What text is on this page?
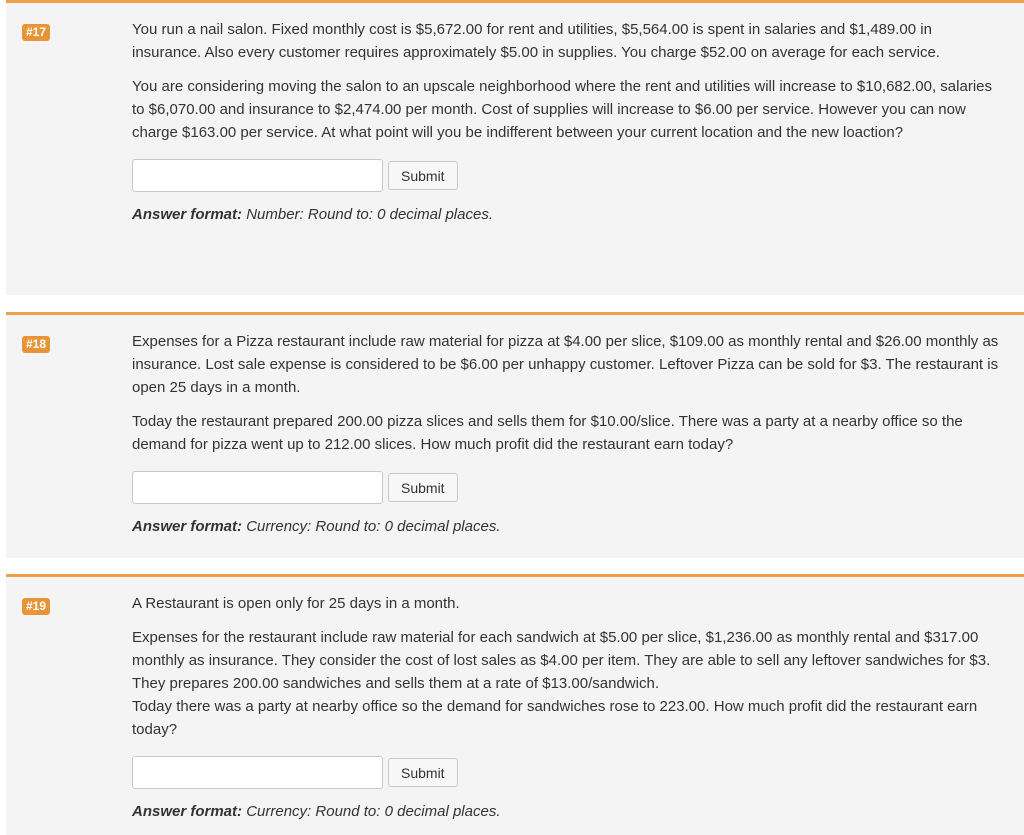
#17	You run a nail salon. Fixed monthly cost is $5,672.00 for rent and utilities, $5,564.00 is spent in salaries and $1,489.00 in insurance. Also every customer requires approximately $5.00 in supplies. You charge $52.00 on average for each service.

You are considering moving the salon to an upscale neighborhood where the rent and utilities will increase to $10,682.00, salaries to $6,070.00 and insurance to $2,474.00 per month. Cost of supplies will increase to $6.00 per service. However you can now charge $163.00 per service. At what point will you be indifferent between your current location and the new loaction?

Submit
Answer format: Number: Round to: 0 decimal places.
#18	Expenses for a Pizza restaurant include raw material for pizza at $4.00 per slice, $109.00 as monthly rental and $26.00 monthly as insurance. Lost sale expense is considered to be $6.00 per unhappy customer. Leftover Pizza can be sold for $3. The restaurant is open 25 days in a month.

Today the restaurant prepared 200.00 pizza slices and sells them for $10.00/slice. There was a party at a nearby office so the demand for pizza went up to 212.00 slices. How much profit did the restaurant earn today?

Submit
Answer format: Currency: Round to: 0 decimal places.
#19	A Restaurant is open only for 25 days in a month.

Expenses for the restaurant include raw material for each sandwich at $5.00 per slice, $1,236.00 as monthly rental and $317.00 monthly as insurance. They consider the cost of lost sales as $4.00 per item. They are able to sell any leftover sandwiches for $3. They prepares 200.00 sandwiches and sells them at a rate of $13.00/sandwich.

Today there was a party at nearby office so the demand for sandwiches rose to 223.00. How much profit did the restaurant earn today?

Submit
Answer format: Currency: Round to: 0 decimal places.
